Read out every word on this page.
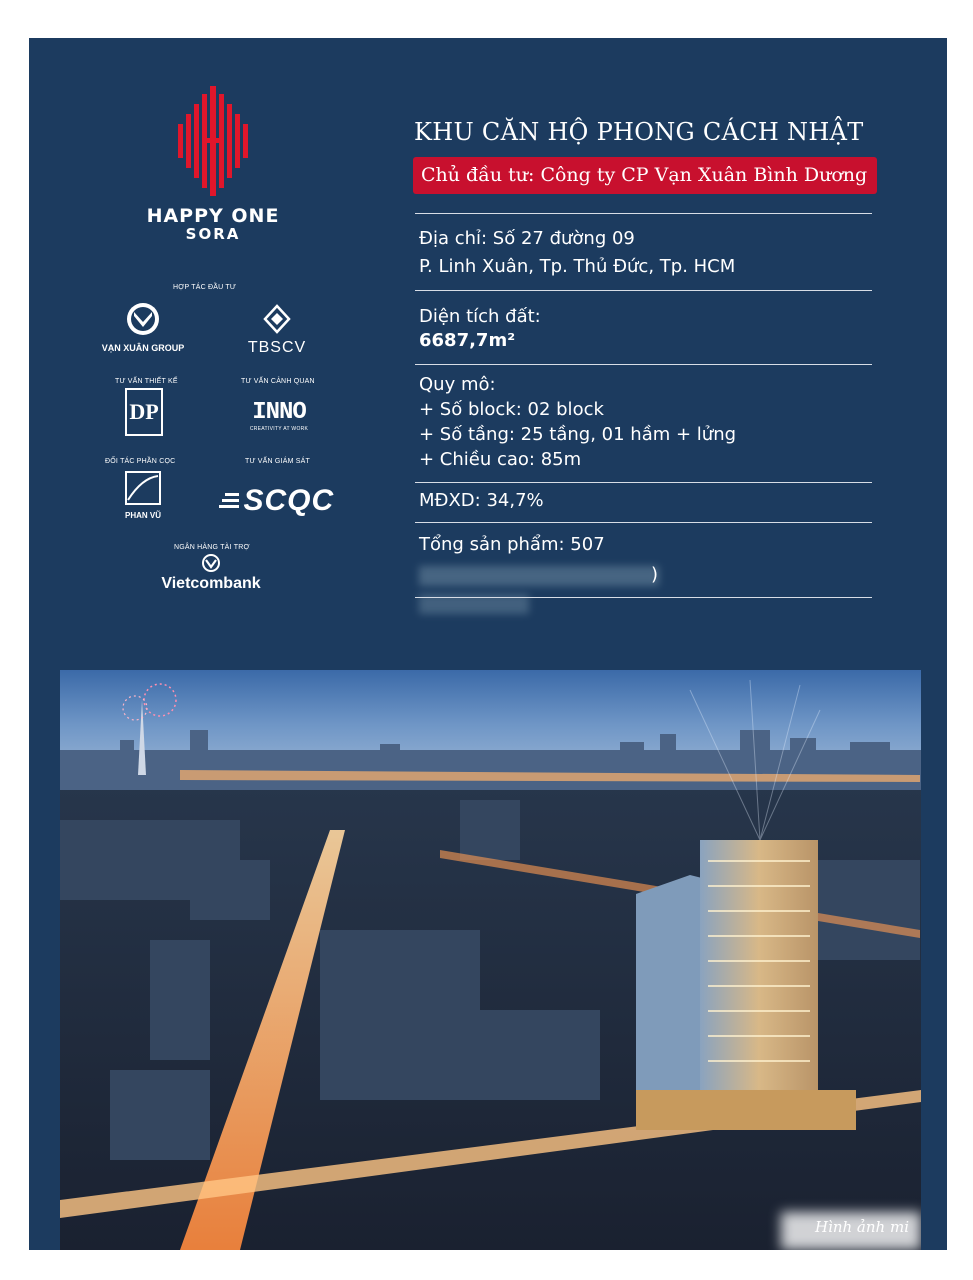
HAPPY ONE
SORA
HỢP TÁC ĐẦU TƯ
TƯ VẤN THIẾT KẾ	TƯ VẤN CẢNH QUAN
ĐỐI TÁC PHẦN CỌC	TƯ VẤN GIÁM SÁT
NGÂN HÀNG TÀI TRỢ
VẠN XUÂN GROUP	TBSCV
DP	INNO
CREATIVITY AT WORK
PHAN VŨ	SCQC
Vietcombank
KHU CĂN HỘ PHONG CÁCH NHẬT
Chủ đầu tư: Công ty CP Vạn Xuân Bình Dương
Địa chỉ: Số 27 đường 09
P. Linh Xuân, Tp. Thủ Đức, Tp. HCM
Diện tích đất:
6687,7m²
Quy mô:
+ Số block: 02 block
+ Số tầng: 25 tầng, 01 hầm + lửng
+ Chiều cao: 85m
MĐXD: 34,7%
Tổng sản phẩm: 507
)
Hình ảnh mi
